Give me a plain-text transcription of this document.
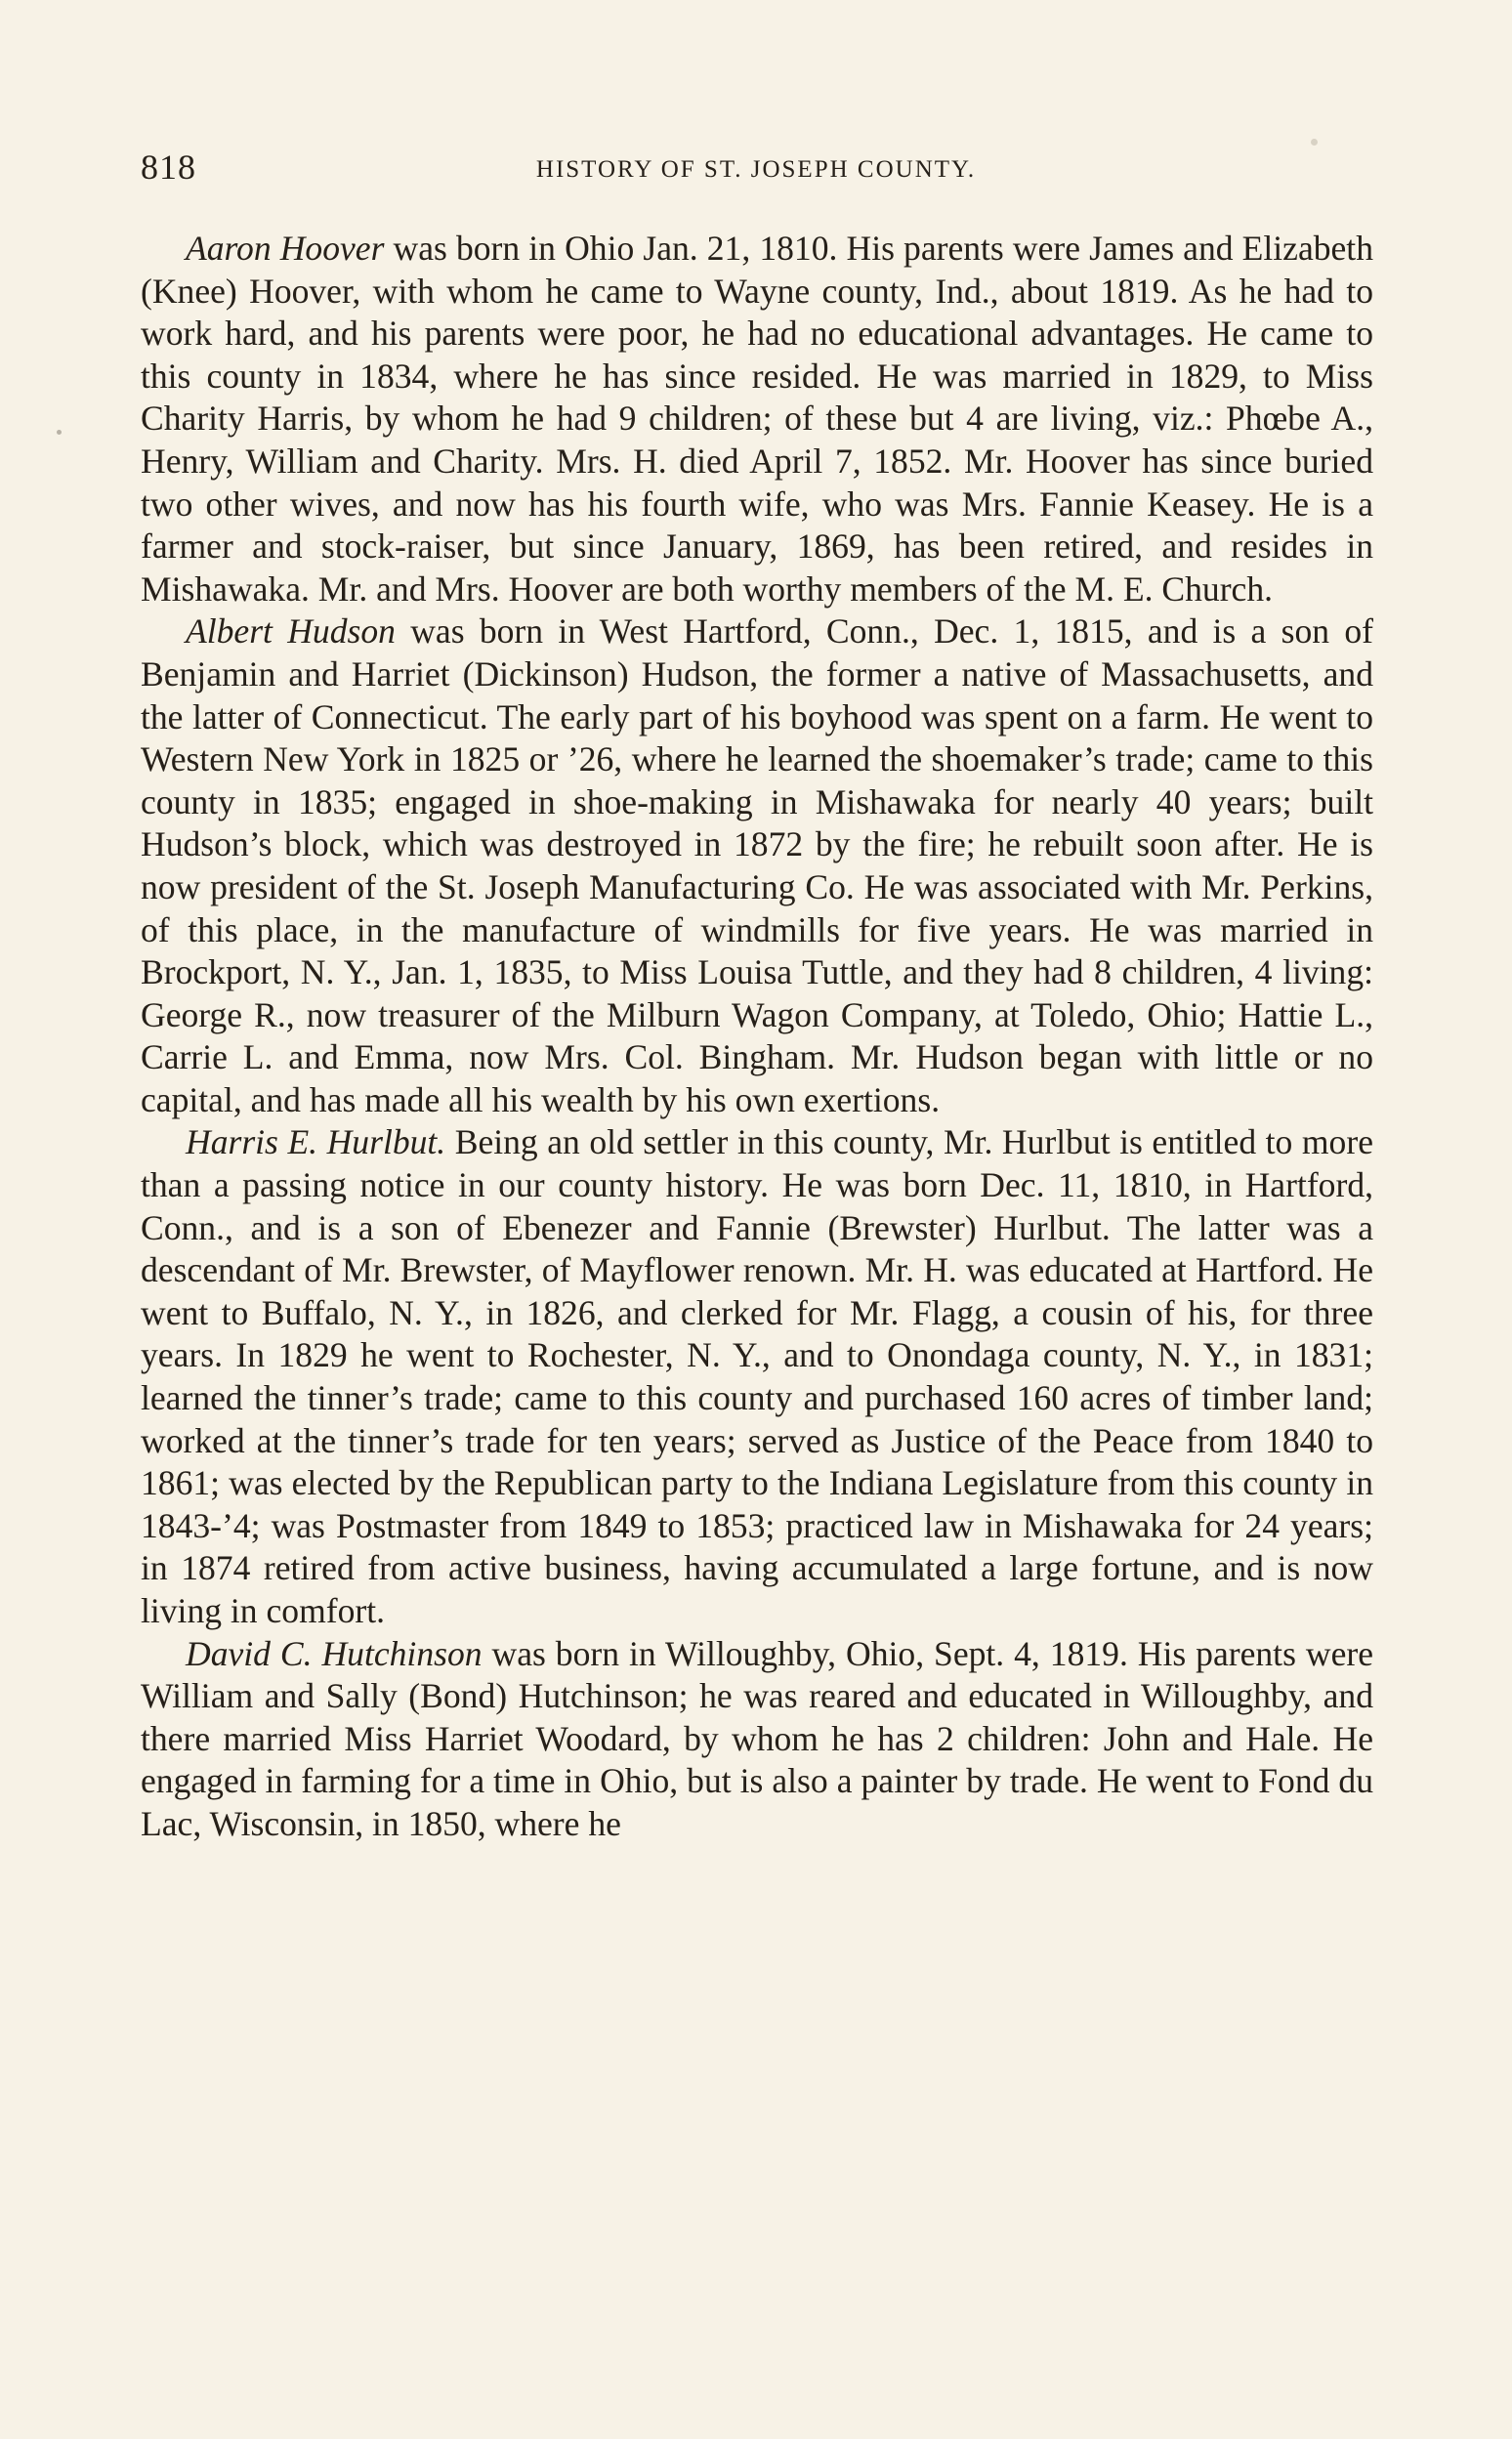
818	HISTORY OF ST. JOSEPH COUNTY.

Aaron Hoover was born in Ohio Jan. 21, 1810. His parents were James and Elizabeth (Knee) Hoover, with whom he came to Wayne county, Ind., about 1819. As he had to work hard, and his parents were poor, he had no educational advantages. He came to this county in 1834, where he has since resided. He was married in 1829, to Miss Charity Harris, by whom he had 9 children; of these but 4 are living, viz.: Phœbe A., Henry, William and Charity. Mrs. H. died April 7, 1852. Mr. Hoover has since buried two other wives, and now has his fourth wife, who was Mrs. Fannie Keasey. He is a farmer and stock-raiser, but since January, 1869, has been retired, and resides in Mishawaka. Mr. and Mrs. Hoover are both worthy members of the M. E. Church.

Albert Hudson was born in West Hartford, Conn., Dec. 1, 1815, and is a son of Benjamin and Harriet (Dickinson) Hudson, the former a native of Massachusetts, and the latter of Connecticut. The early part of his boyhood was spent on a farm. He went to Western New York in 1825 or ’26, where he learned the shoemaker’s trade; came to this county in 1835; engaged in shoe-making in Mishawaka for nearly 40 years; built Hudson’s block, which was destroyed in 1872 by the fire; he rebuilt soon after. He is now president of the St. Joseph Manufacturing Co. He was associated with Mr. Perkins, of this place, in the manufacture of windmills for five years. He was married in Brockport, N. Y., Jan. 1, 1835, to Miss Louisa Tuttle, and they had 8 children, 4 living: George R., now treasurer of the Milburn Wagon Company, at Toledo, Ohio; Hattie L., Carrie L. and Emma, now Mrs. Col. Bingham. Mr. Hudson began with little or no capital, and has made all his wealth by his own exertions.

Harris E. Hurlbut. Being an old settler in this county, Mr. Hurlbut is entitled to more than a passing notice in our county history. He was born Dec. 11, 1810, in Hartford, Conn., and is a son of Ebenezer and Fannie (Brewster) Hurlbut. The latter was a descendant of Mr. Brewster, of Mayflower renown. Mr. H. was educated at Hartford. He went to Buffalo, N. Y., in 1826, and clerked for Mr. Flagg, a cousin of his, for three years. In 1829 he went to Rochester, N. Y., and to Onondaga county, N. Y., in 1831; learned the tinner’s trade; came to this county and purchased 160 acres of timber land; worked at the tinner’s trade for ten years; served as Justice of the Peace from 1840 to 1861; was elected by the Republican party to the Indiana Legislature from this county in 1843-’4; was Postmaster from 1849 to 1853; practiced law in Mishawaka for 24 years; in 1874 retired from active business, having accumulated a large fortune, and is now living in comfort.

David C. Hutchinson was born in Willoughby, Ohio, Sept. 4, 1819. His parents were William and Sally (Bond) Hutchinson; he was reared and educated in Willoughby, and there married Miss Harriet Woodard, by whom he has 2 children: John and Hale. He engaged in farming for a time in Ohio, but is also a painter by trade. He went to Fond du Lac, Wisconsin, in 1850, where he
